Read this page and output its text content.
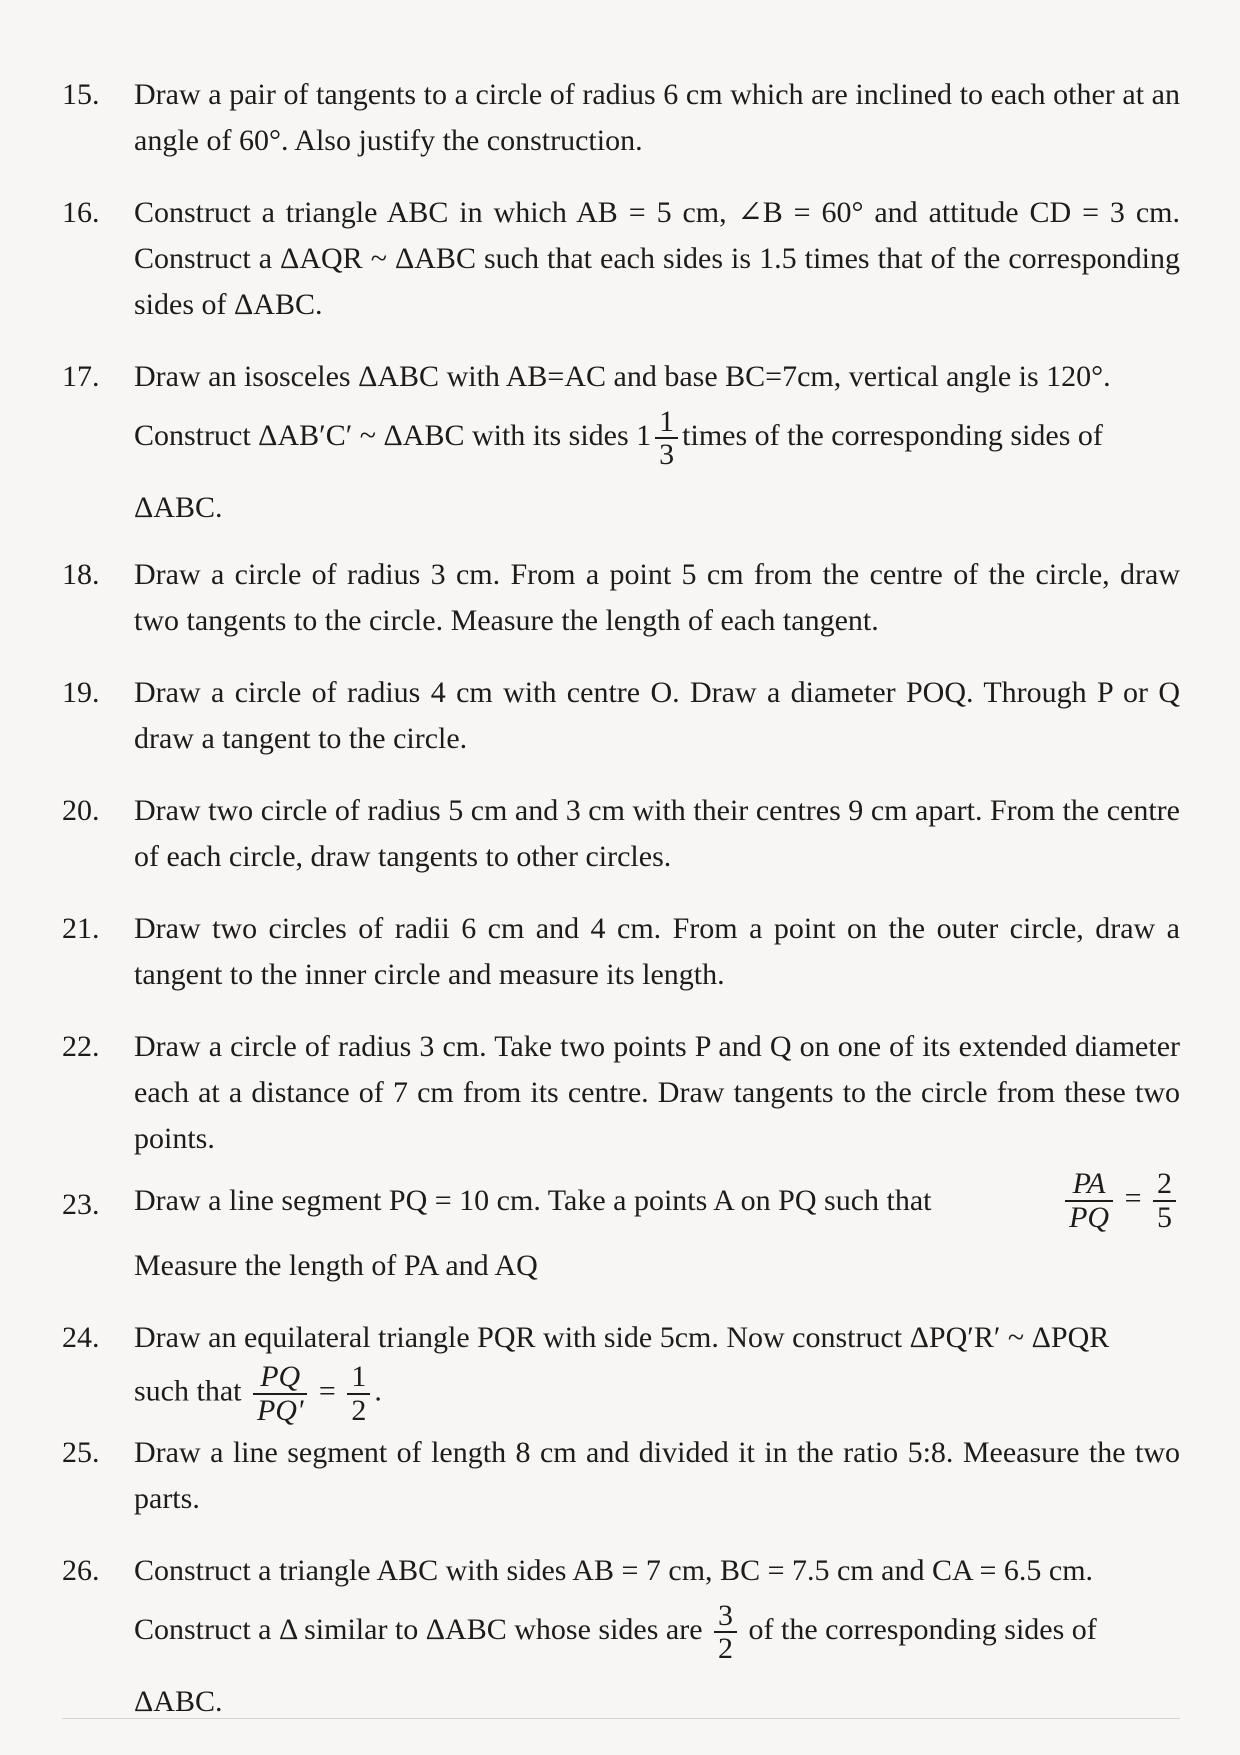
15.	Draw a pair of tangents to a circle of radius 6 cm which are inclined to each other at an angle of 60°. Also justify the construction.

16.	Construct a triangle ABC in which AB = 5 cm, ∠B = 60° and attitude CD = 3 cm. Construct a ΔAQR ~ ΔABC such that each sides is 1.5 times that of the corresponding sides of ΔABC.

17.	Draw an isosceles ΔABC with AB=AC and base BC=7cm, vertical angle is 120°.

Construct ΔAB′C′ ~ ΔABC with its sides $1 \frac{1}{3}$ times of the corresponding sides of

ΔABC.

18.	Draw a circle of radius 3 cm. From a point 5 cm from the centre of the circle, draw two tangents to the circle. Measure the length of each tangent.

19.	Draw a circle of radius 4 cm with centre O. Draw a diameter POQ. Through P or Q draw a tangent to the circle.

20.	Draw two circle of radius 5 cm and 3 cm with their centres 9 cm apart. From the centre of each circle, draw tangents to other circles.

21.	Draw two circles of radii 6 cm and 4 cm. From a point on the outer circle, draw a tangent to the inner circle and measure its length.

22.	Draw a circle of radius 3 cm. Take two points P and Q on one of its extended diameter each at a distance of 7 cm from its centre. Draw tangents to the circle from these two points.

23.	Draw a line segment PQ = 10 cm. Take a points A on PQ such that	$\frac{PA}{PQ} = \frac{2}{5}$

Measure the length of PA and AQ

24.	Draw an equilateral triangle PQR with side 5cm. Now construct ΔPQ′R′ ~ ΔPQR

such that $\frac{PQ}{PQ'} = \frac{1}{2}$ .

25.	Draw a line segment of length 8 cm and divided it in the ratio 5:8. Meeasure the two parts.

26.	Construct a triangle ABC with sides AB = 7 cm, BC = 7.5 cm and CA = 6.5 cm.

Construct a Δ similar to ΔABC whose sides are $\frac{3}{2}$ of the corresponding sides of

ΔABC.
